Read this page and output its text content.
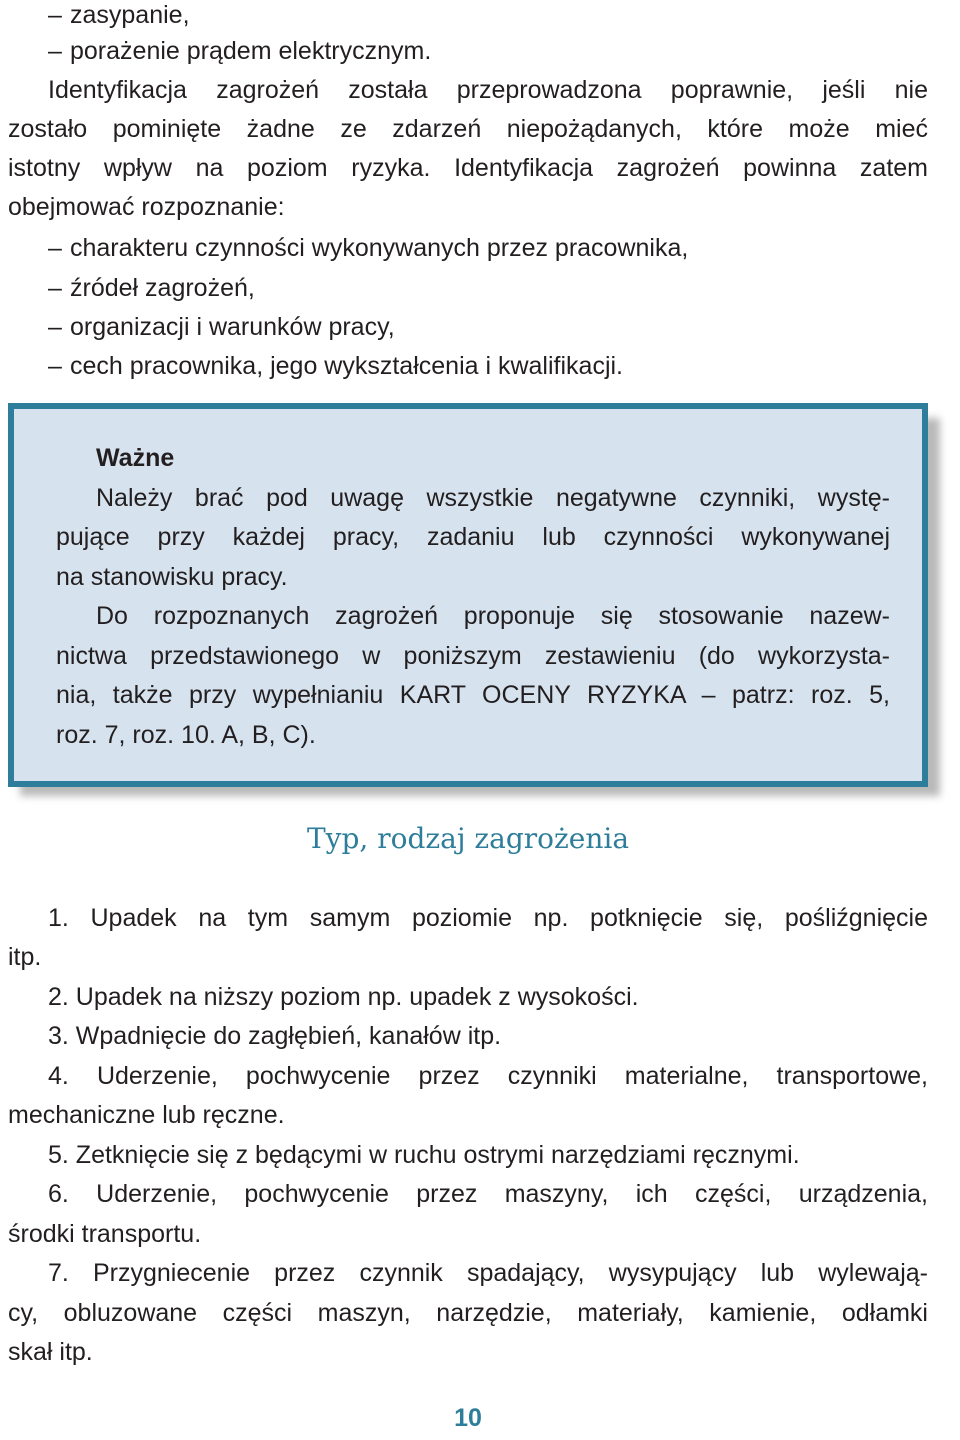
– zasypanie,
– porażenie prądem elektrycznym.
Identyfikacja zagrożeń została przeprowadzona poprawnie, jeśli nie
zostało pominięte żadne ze zdarzeń niepożądanych, które może mieć
istotny wpływ na poziom ryzyka. Identyfikacja zagrożeń powinna zatem
obejmować rozpoznanie:
– charakteru czynności wykonywanych przez pracownika,
– źródeł zagrożeń,
– organizacji i warunków pracy,
– cech pracownika, jego wykształcenia i kwalifikacji.
Ważne
Należy brać pod uwagę wszystkie negatywne czynniki, wystę-
pujące przy każdej pracy, zadaniu lub czynności wykonywanej
na stanowisku pracy.
Do rozpoznanych zagrożeń proponuje się stosowanie nazew-
nictwa przedstawionego w poniższym zestawieniu (do wykorzysta-
nia, także przy wypełnianiu KART OCENY RYZYKA – patrz: roz. 5,
roz. 7, roz. 10. A, B, C).
Typ, rodzaj zagrożenia
1. Upadek na tym samym poziomie np. potknięcie się, pośliźgnięcie
itp.
2. Upadek na niższy poziom np. upadek z wysokości.
3. Wpadnięcie do zagłębień, kanałów itp.
4. Uderzenie, pochwycenie przez czynniki materialne, transportowe,
mechaniczne lub ręczne.
5. Zetknięcie się z będącymi w ruchu ostrymi narzędziami ręcznymi.
6. Uderzenie, pochwycenie przez maszyny, ich części, urządzenia,
środki transportu.
7. Przygniecenie przez czynnik spadający, wysypujący lub wylewają-
cy, obluzowane części maszyn, narzędzie, materiały, kamienie, odłamki
skał itp.
10
